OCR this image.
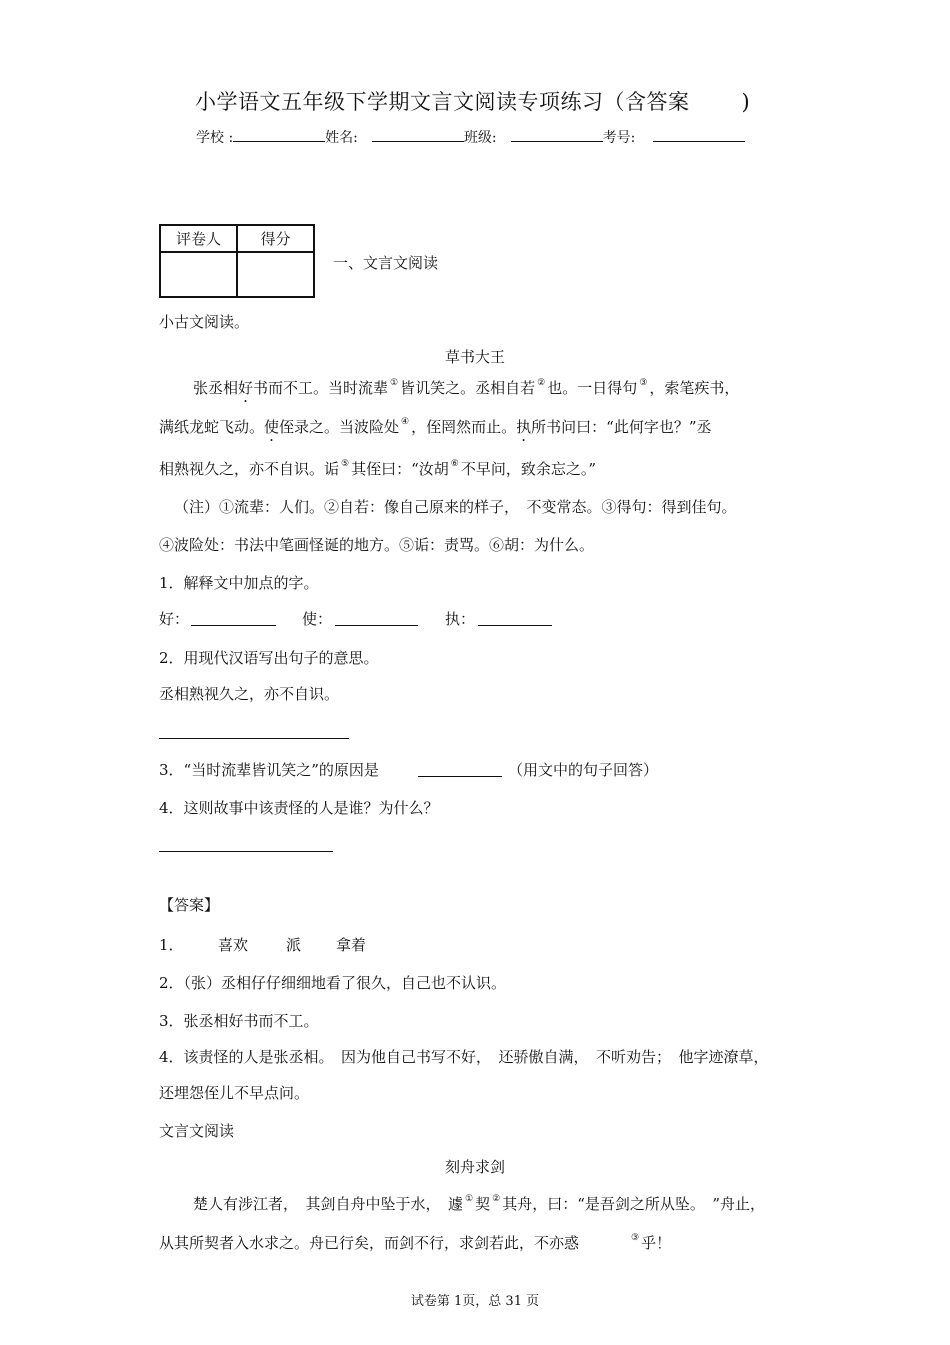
小学语文五年级下学期文言文阅读专项练习（含答案 )
学校 :	姓名:	班级:	考号:
评卷人	得分

一、文言文阅读
小古文阅读。
草书大王
张丞相好书而不工。当时流辈 ① 皆讥笑之。丞相自若 ② 也。一日得句 ③ ，索笔疾书，
满纸龙蛇飞动。使侄录之。当波险处 ④ ，侄罔然而止。执所书问曰：“此何字也？”丞
相熟视久之，亦不自识。诟 ⑤ 其侄曰：“汝胡 ⑥ 不早问，致余忘之。”
（注）①流辈：人们。②自若：像自己原来的样子，　不变常态。③得句：得到佳句。
④波险处：书法中笔画怪诞的地方。⑤诟：责骂。⑥胡：为什么。
1．解释文中加点的字。
好：	使：	执：
2．用现代汉语写出句子的意思。
丞相熟视久之，亦不自识。
3．“当时流辈皆讥笑之”的原因是	（用文中的句子回答）
4．这则故事中该责怪的人是谁？为什么？
【答案】
1． 喜欢	派 拿着
2．（张）丞相仔仔细细地看了很久，自己也不认识。
3．张丞相好书而不工。
4．该责怪的人是张丞相。　因为他自己书写不好，　还骄傲自满，　不听劝告；　他字迹潦草，
还埋怨侄儿不早点问。
文言文阅读
刻舟求剑
楚人有涉江者，　其剑自舟中坠于水，　遽 ① 契 ② 其舟，曰：“是吾剑之所从坠。　”舟止，
从其所契者入水求之。舟已行矣，而剑不行，求剑若此，不亦惑	③ 乎！
试卷第 1页，总 31 页
